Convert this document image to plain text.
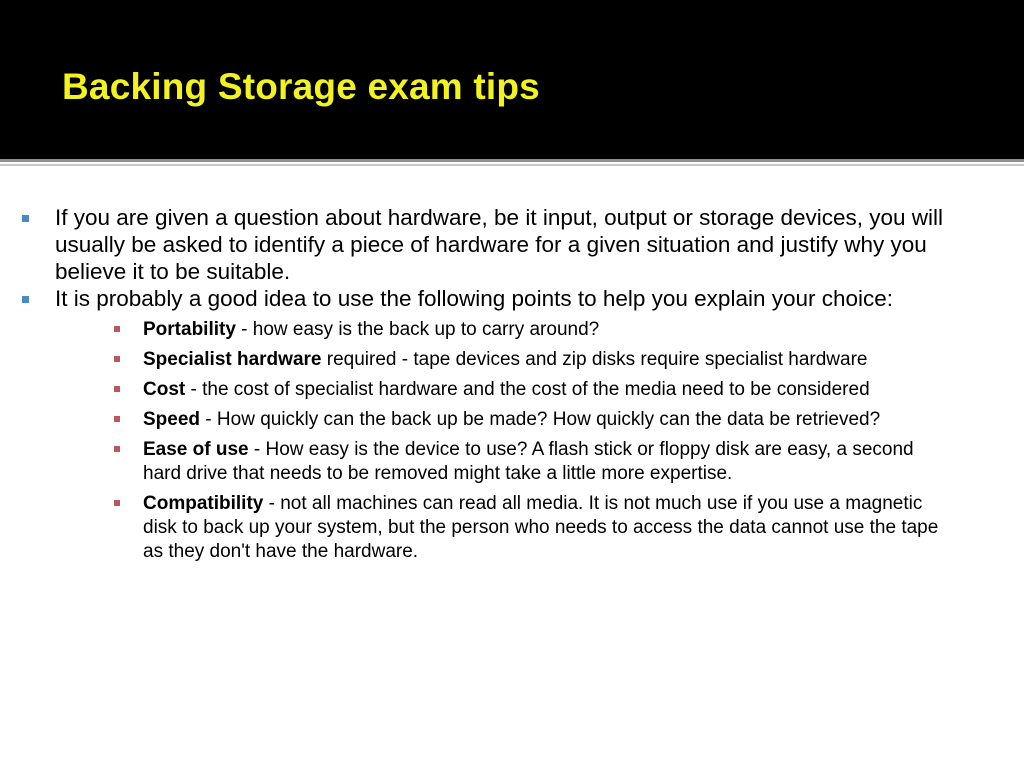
Backing Storage exam tips
If you are given a question about hardware, be it input, output or storage devices, you will usually be asked to identify a piece of hardware for a given situation and justify why you believe it to be suitable.
It is probably a good idea to use the following points to help you explain your choice:
Portability - how easy is the back up to carry around?
Specialist hardware required - tape devices and zip disks require specialist hardware
Cost - the cost of specialist hardware and the cost of the media need to be considered
Speed - How quickly can the back up be made? How quickly can the data be retrieved?
Ease of use - How easy is the device to use? A flash stick or floppy disk are easy, a second hard drive that needs to be removed might take a little more expertise.
Compatibility - not all machines can read all media. It is not much use if you use a magnetic disk to back up your system, but the person who needs to access the data cannot use the tape as they don't have the hardware.
